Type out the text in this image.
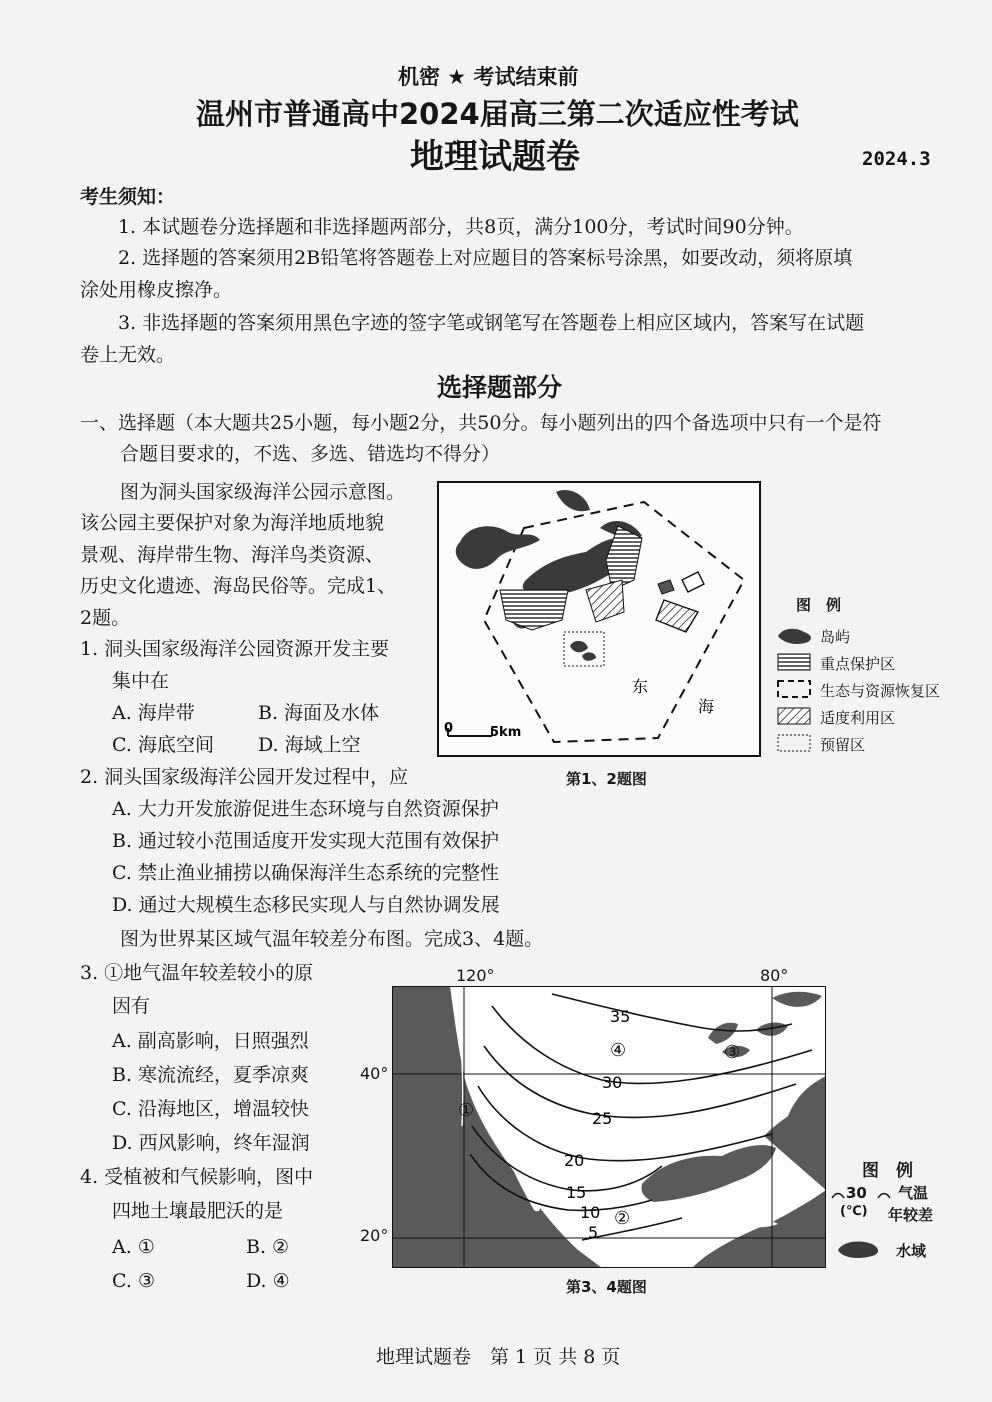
机密 ★ 考试结束前
温州市普通高中2024届高三第二次适应性考试
地理试题卷	2024.3
考生须知：
1. 本试题卷分选择题和非选择题两部分，共8页，满分100分，考试时间90分钟。
2. 选择题的答案须用2B铅笔将答题卷上对应题目的答案标号涂黑，如要改动，须将原填
涂处用橡皮擦净。
3. 非选择题的答案须用黑色字迹的签字笔或钢笔写在答题卷上相应区域内，答案写在试题
卷上无效。
选择题部分
一、选择题（本大题共25小题，每小题2分，共50分。每小题列出的四个备选项中只有一个是符
合题目要求的，不选、多选、错选均不得分）
图为洞头国家级海洋公园示意图。
该公园主要保护对象为海洋地质地貌
景观、海岸带生物、海洋鸟类资源、
历史文化遗迹、海岛民俗等。完成1、
2题。
1. 洞头国家级海洋公园资源开发主要
集中在
A. 海岸带	B. 海面及水体
C. 海底空间 D. 海域上空
2. 洞头国家级海洋公园开发过程中，应
A. 大力开发旅游促进生态环境与自然资源保护
B. 通过较小范围适度开发实现大范围有效保护
C. 禁止渔业捕捞以确保海洋生态系统的完整性
D. 通过大规模生态移民实现人与自然协调发展
东
海
0	5km
图　例
岛屿
重点保护区
生态与资源恢复区
适度利用区
预留区
第1、2题图
图为世界某区域气温年较差分布图。完成3、4题。
3. ①地气温年较差较小的原
因有
A. 副高影响，日照强烈
B. 寒流流经，夏季凉爽
C. 沿海地区，增温较快
D. 西风影响，终年湿润
4. 受植被和气候影响，图中
四地土壤最肥沃的是
A. ①	B. ②
C. ③	D. ④
120°	80°
40°
20°
35
30
25
20
15
10
5
①
②
③
④
第3、4题图
图　例
30
(℃)
气温
年较差
水域
地理试题卷　第 1 页 共 8 页
